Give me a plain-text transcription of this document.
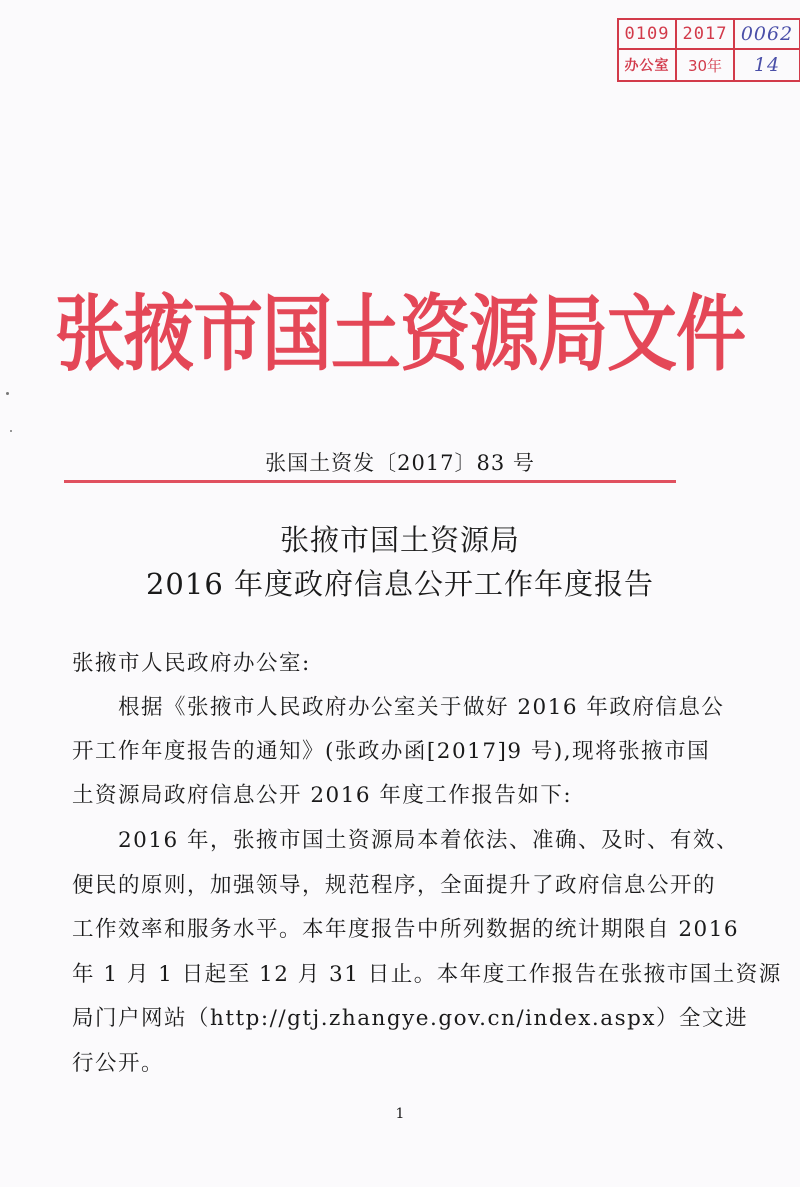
0109 2017 0062
办公室	30年	14
张掖市国土资源局文件
张国土资发〔2017〕83 号
张掖市国土资源局
2016 年度政府信息公开工作年度报告
张掖市人民政府办公室:
　　根据《张掖市人民政府办公室关于做好 2016 年政府信息公
开工作年度报告的通知》(张政办函[2017]9 号),现将张掖市国
土资源局政府信息公开 2016 年度工作报告如下:
　　2016 年，张掖市国土资源局本着依法、准确、及时、有效、
便民的原则，加强领导，规范程序，全面提升了政府信息公开的
工作效率和服务水平。本年度报告中所列数据的统计期限自 2016
年 1 月 1 日起至 12 月 31 日止。本年度工作报告在张掖市国土资源
局门户网站（http://gtj.zhangye.gov.cn/index.aspx）全文进
行公开。
1
